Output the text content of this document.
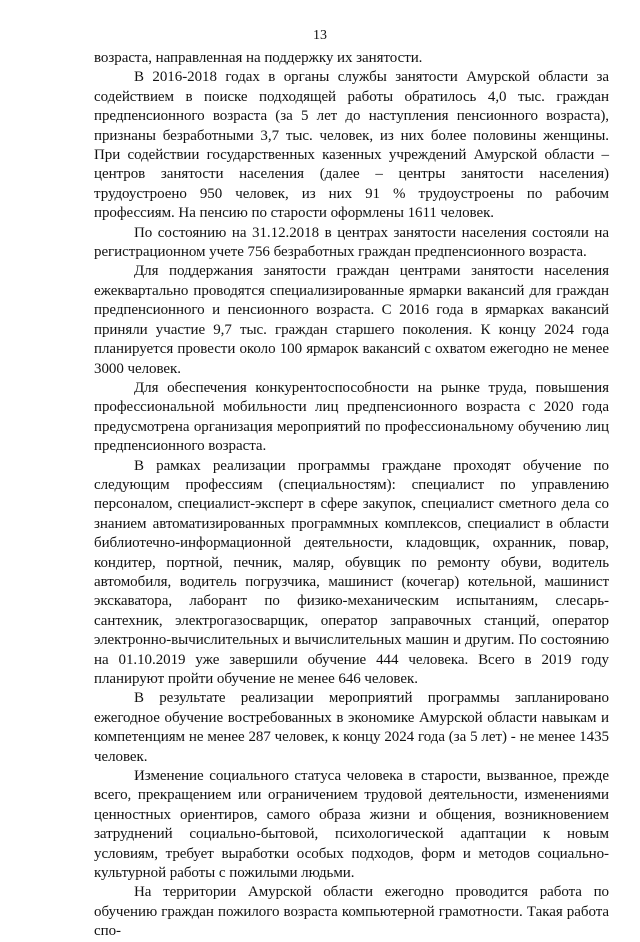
13

возраста, направленная на поддержку их занятости.

В 2016-2018 годах в органы службы занятости Амурской области за содействием в поиске подходящей работы обратилось 4,0 тыс. граждан предпенсионного возраста (за 5 лет до наступления пенсионного возраста), признаны безработными 3,7 тыс. человек, из них более половины женщины. При содействии государственных казенных учреждений Амурской области – центров занятости населения (далее – центры занятости населения) трудоустроено 950 человек, из них 91 % трудоустроены по рабочим профессиям. На пенсию по старости оформлены 1611 человек.

По состоянию на 31.12.2018 в центрах занятости населения состояли на регистрационном учете 756 безработных граждан предпенсионного возраста.

Для поддержания занятости граждан центрами занятости населения ежеквартально проводятся специализированные ярмарки вакансий для граждан предпенсионного и пенсионного возраста. С 2016 года в ярмарках вакансий приняли участие 9,7 тыс. граждан старшего поколения. К концу 2024 года планируется провести около 100 ярмарок вакансий с охватом ежегодно не менее 3000 человек.

Для обеспечения конкурентоспособности на рынке труда, повышения профессиональной мобильности лиц предпенсионного возраста с 2020 года предусмотрена организация мероприятий по профессиональному обучению лиц предпенсионного возраста.

В рамках реализации программы граждане проходят обучение по следующим профессиям (специальностям): специалист по управлению персоналом, специалист-эксперт в сфере закупок, специалист сметного дела со знанием автоматизированных программных комплексов, специалист в области библиотечно-информационной деятельности, кладовщик, охранник, повар, кондитер, портной, печник, маляр, обувщик по ремонту обуви, водитель автомобиля, водитель погрузчика, машинист (кочегар) котельной, машинист экскаватора, лаборант по физико-механическим испытаниям, слесарь-сантехник, электрогазосварщик, оператор заправочных станций, оператор электронно-вычислительных и вычислительных машин и другим. По состоянию на 01.10.2019 уже завершили обучение 444 человека. Всего в 2019 году планируют пройти обучение не менее 646 человек.

В результате реализации мероприятий программы запланировано ежегодное обучение востребованных в экономике Амурской области навыкам и компетенциям не менее 287 человек, к концу 2024 года (за 5 лет) - не менее 1435 человек.

Изменение социального статуса человека в старости, вызванное, прежде всего, прекращением или ограничением трудовой деятельности, изменениями ценностных ориентиров, самого образа жизни и общения, возникновением затруднений социально-бытовой, психологической адаптации к новым условиям, требует выработки особых подходов, форм и методов социально-культурной работы с пожилыми людьми.

На территории Амурской области ежегодно проводится работа по обучению граждан пожилого возраста компьютерной грамотности. Такая работа спо-
